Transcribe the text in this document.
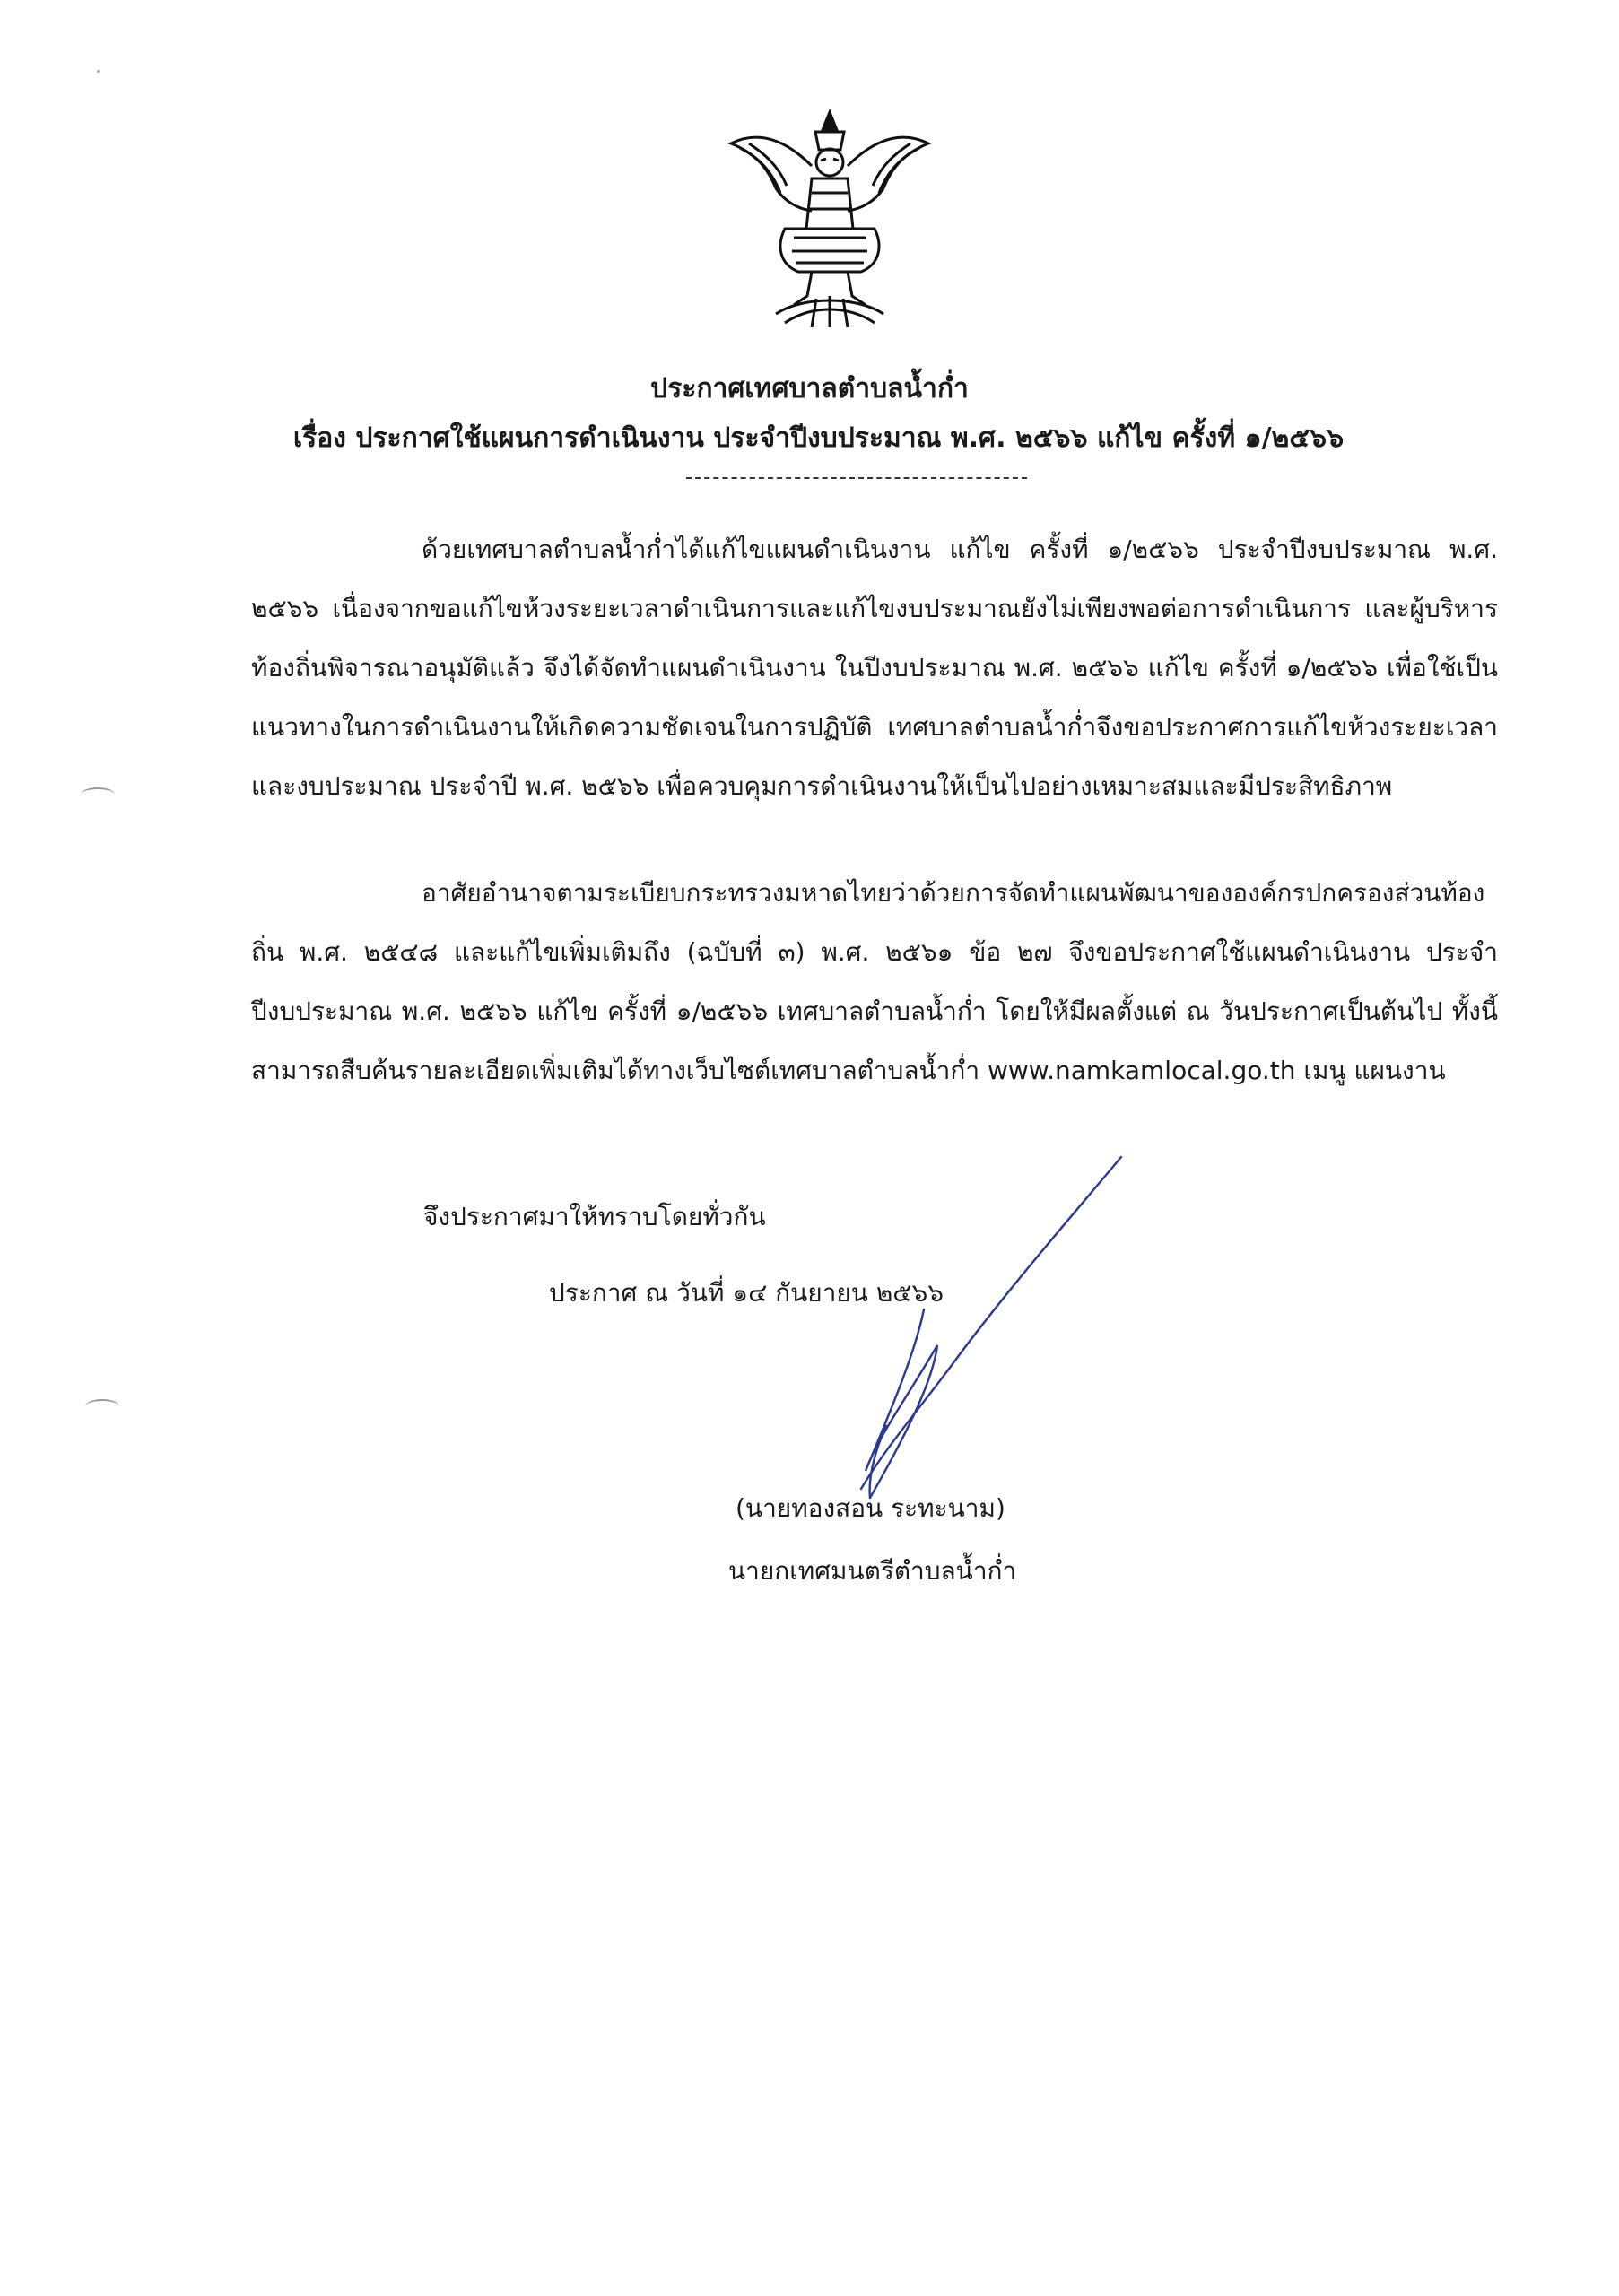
ประกาศเทศบาลตำบลน้ำก่ำ
เรื่อง ประกาศใช้แผนการดำเนินงาน ประจำปีงบประมาณ พ.ศ. ๒๕๖๖ แก้ไข ครั้งที่ ๑/๒๕๖๖
ด้วยเทศบาลตำบลน้ำก่ำได้แก้ไขแผนดำเนินงาน แก้ไข ครั้งที่ ๑/๒๕๖๖ ประจำปีงบประมาณ พ.ศ. ๒๕๖๖ เนื่องจากขอแก้ไขห้วงระยะเวลาดำเนินการและแก้ไขงบประมาณยังไม่เพียงพอต่อการดำเนินการ และผู้บริหารท้องถิ่นพิจารณาอนุมัติแล้ว จึงได้จัดทำแผนดำเนินงาน ในปีงบประมาณ พ.ศ. ๒๕๖๖ แก้ไข ครั้งที่ ๑/๒๕๖๖ เพื่อใช้เป็นแนวทางในการดำเนินงานให้เกิดความชัดเจนในการปฏิบัติ เทศบาลตำบลน้ำก่ำจึงขอประกาศการแก้ไขห้วงระยะเวลาและงบประมาณ ประจำปี พ.ศ. ๒๕๖๖ เพื่อควบคุมการดำเนินงานให้เป็นไปอย่างเหมาะสมและมีประสิทธิภาพ
อาศัยอำนาจตามระเบียบกระทรวงมหาดไทยว่าด้วยการจัดทำแผนพัฒนาขององค์กรปกครองส่วนท้องถิ่น พ.ศ. ๒๕๔๘ และแก้ไขเพิ่มเติมถึง (ฉบับที่ ๓) พ.ศ. ๒๕๖๑ ข้อ ๒๗ จึงขอประกาศใช้แผนดำเนินงาน ประจำปีงบประมาณ พ.ศ. ๒๕๖๖ แก้ไข ครั้งที่ ๑/๒๕๖๖ เทศบาลตำบลน้ำก่ำ โดยให้มีผลตั้งแต่ ณ วันประกาศเป็นต้นไป ทั้งนี้ สามารถสืบค้นรายละเอียดเพิ่มเติมได้ทางเว็บไซต์เทศบาลตำบลน้ำก่ำ www.namkamlocal.go.th เมนู แผนงาน
จึงประกาศมาให้ทราบโดยทั่วกัน
ประกาศ ณ วันที่ ๑๔ กันยายน ๒๕๖๖
(นายทองสอน ระทะนาม)
นายกเทศมนตรีตำบลน้ำก่ำ
